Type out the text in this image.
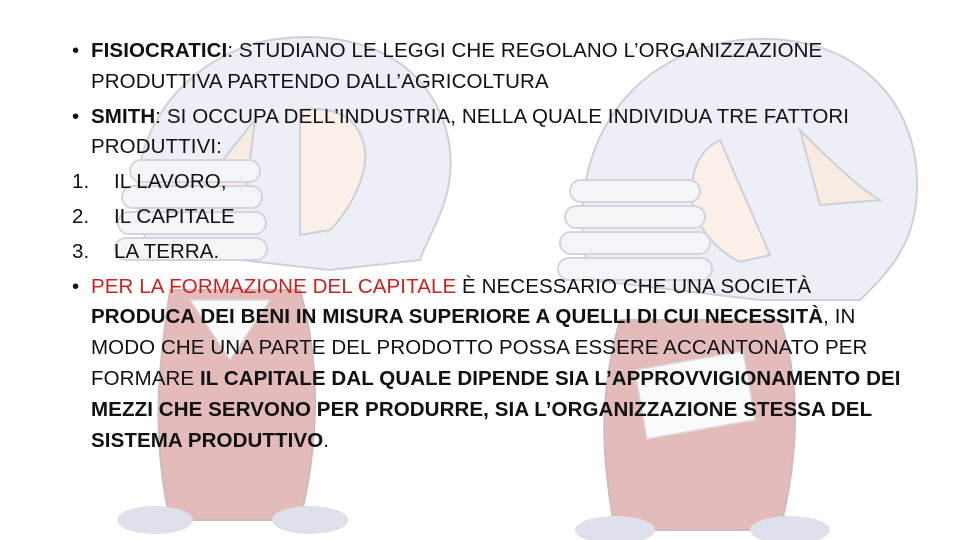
• FISIOCRATICI: STUDIANO LE LEGGI CHE REGOLANO L’ORGANIZZAZIONE PRODUTTIVA PARTENDO DALL’AGRICOLTURA
• SMITH: SI OCCUPA DELL’INDUSTRIA, NELLA QUALE INDIVIDUA TRE FATTORI PRODUTTIVI:
1. IL LAVORO,
2. IL CAPITALE
3. LA TERRA.
• PER LA FORMAZIONE DEL CAPITALE È NECESSARIO CHE UNA SOCIETÀ PRODUCA DEI BENI IN MISURA SUPERIORE A QUELLI DI CUI NECESSITÀ, IN MODO CHE UNA PARTE DEL PRODOTTO POSSA ESSERE ACCANTONATO PER FORMARE IL CAPITALE DAL QUALE DIPENDE SIA L’APPROVVIGIONAMENTO DEI MEZZI CHE SERVONO PER PRODURRE, SIA L’ORGANIZZAZIONE STESSA DEL SISTEMA PRODUTTIVO.
